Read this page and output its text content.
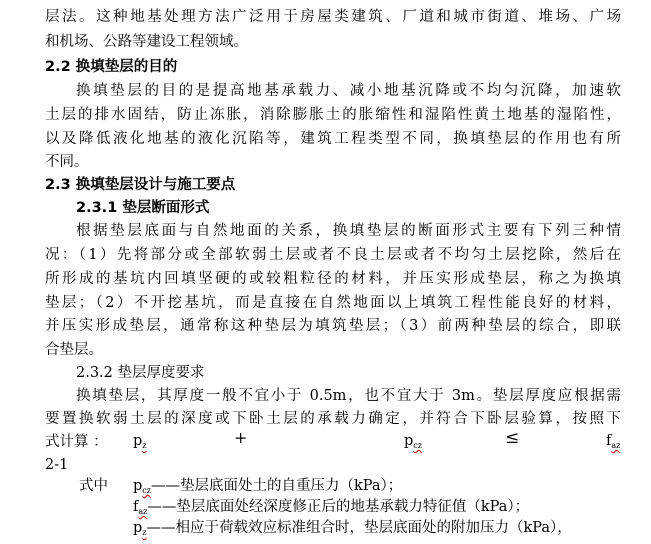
层法。这种地基处理方法广泛用于房屋类建筑、厂道和城市街道、堆场、广场
和机场、公路等建设工程领域。
2.2 换填垫层的目的
换填垫层的目的是提高地基承载力、减小地基沉降或不均匀沉降，加速软
土层的排水固结，防止冻胀，消除膨胀土的胀缩性和湿陷性黄土地基的湿陷性，
以及降低液化地基的液化沉陷等，建筑工程类型不同，换填垫层的作用也有所
不同。
2.3 换填垫层设计与施工要点
2.3.1 垫层断面形式
根据垫层底面与自然地面的关系，换填垫层的断面形式主要有下列三种情
况：（1）先将部分或全部软弱土层或者不良土层或者不均匀土层挖除，然后在
所形成的基坑内回填坚硬的或较粗粒径的材料，并压实形成垫层，称之为换填
垫层；（2）不开挖基坑，而是直接在自然地面以上填筑工程性能良好的材料，
并压实形成垫层，通常称这种垫层为填筑垫层；（3）前两种垫层的综合，即联
合垫层。
2.3.2 垫层厚度要求
换填垫层，其厚度一般不宜小于 0.5m，也不宜大于 3m。垫层厚度应根据需
要置换软弱土层的深度或下卧土层的承载力确定，并符合下卧层验算，按照下
式计算 ： $p_z$	+	$p_{cz}$	≤	$f_{az}$
2-1
式中 $p_{cz}——$垫层底面处土的自重压力（kPa）；
$f_{az}——$垫层底面处经深度修正后的地基承载力特征值（kPa）；
$p_z——$相应于荷载效应标准组合时，垫层底面处的附加压力（kPa），
